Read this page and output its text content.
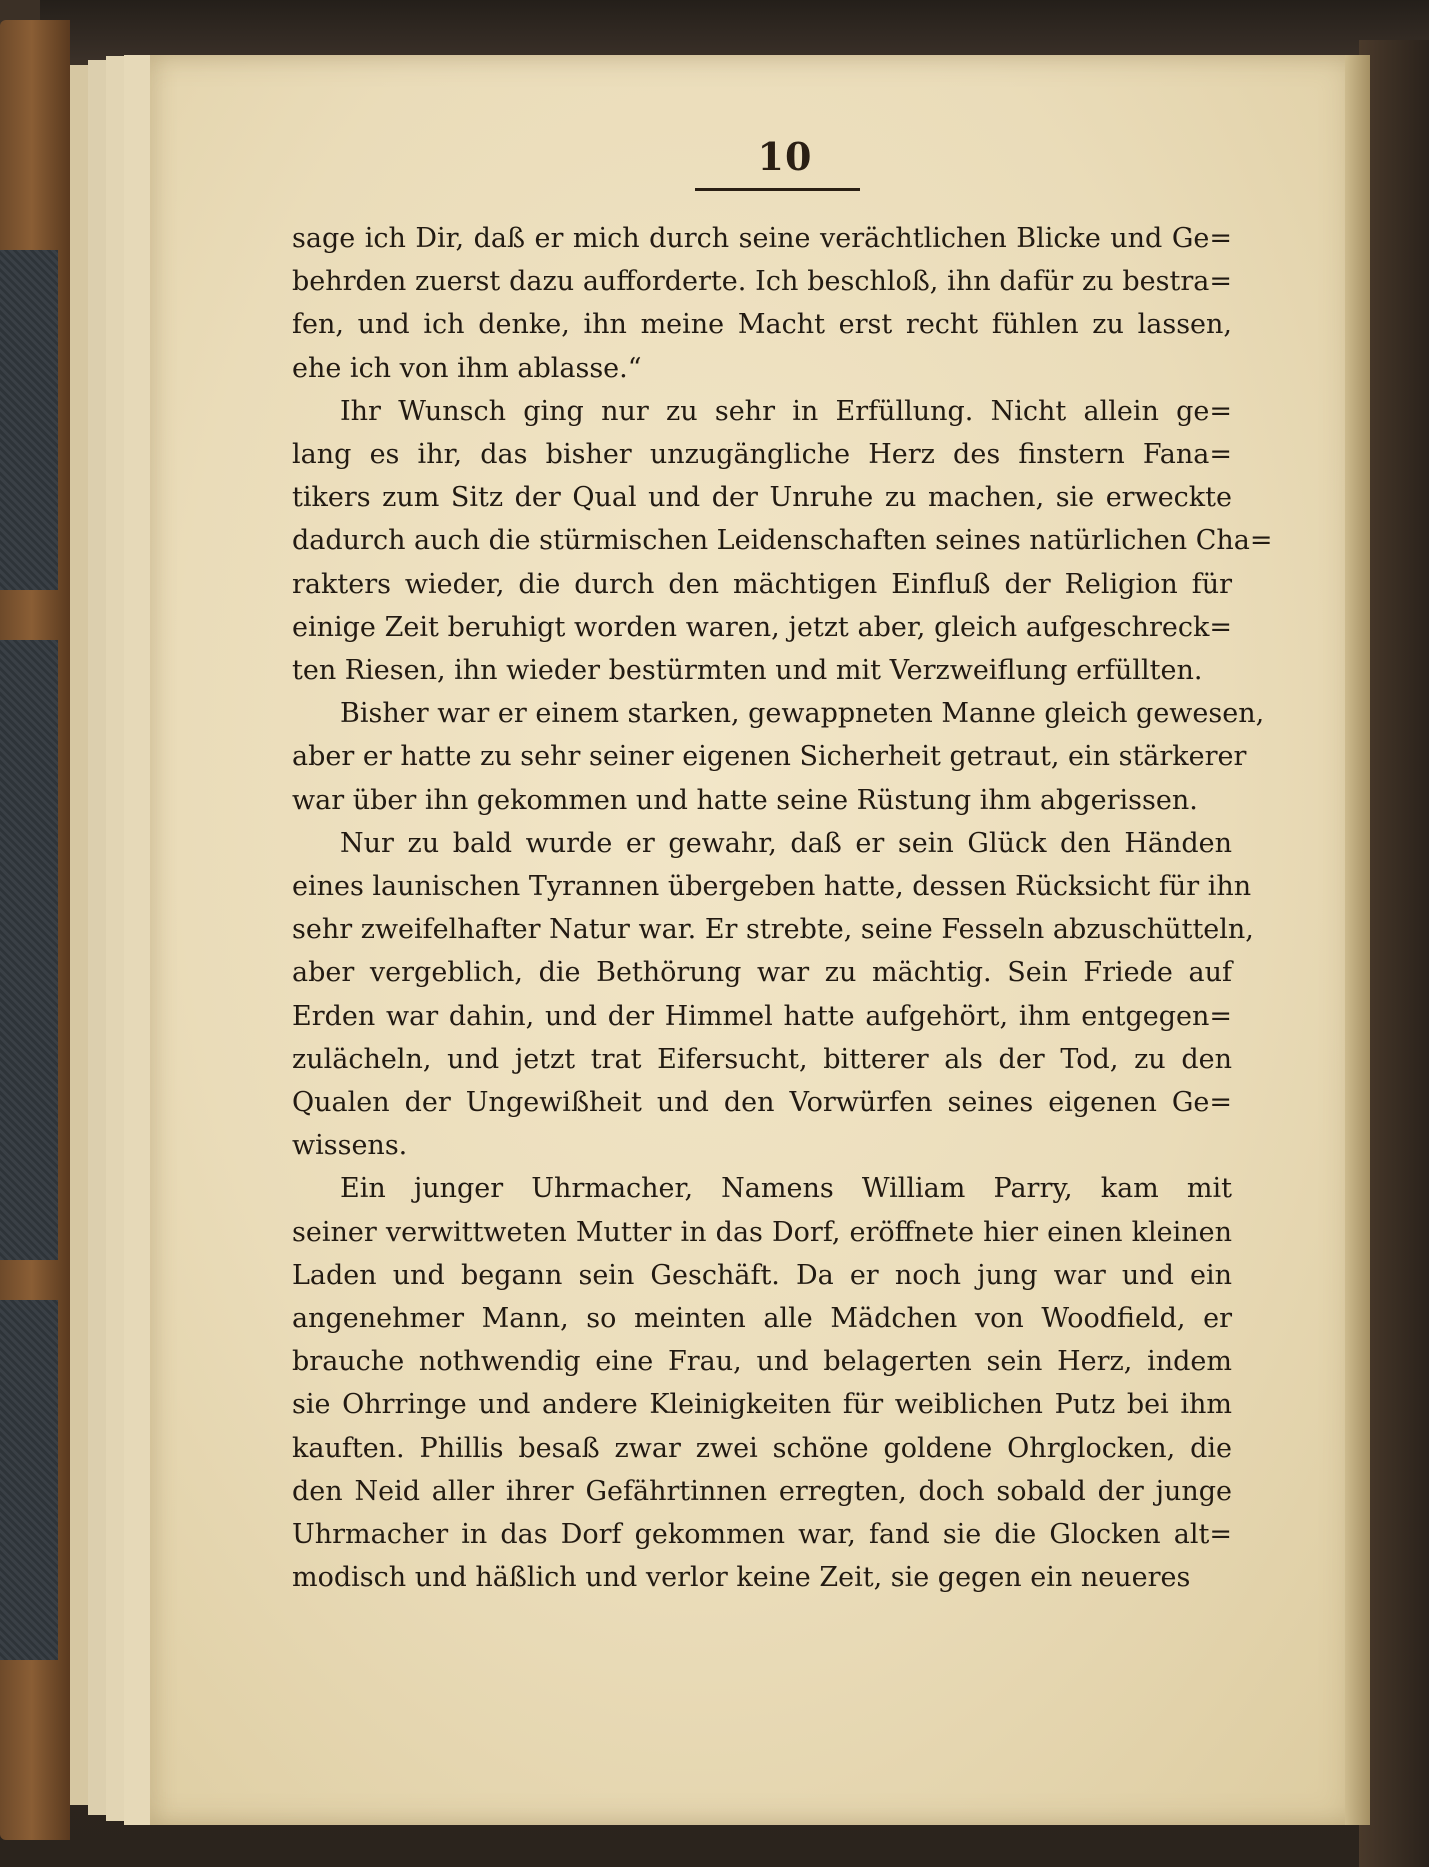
10

sage ich Dir, daß er mich durch seine verächtlichen Blicke und Ge=
behrden zuerst dazu aufforderte. Ich beschloß, ihn dafür zu bestra=
fen, und ich denke, ihn meine Macht erst recht fühlen zu lassen,
ehe ich von ihm ablasse.“

Ihr Wunsch ging nur zu sehr in Erfüllung. Nicht allein ge=
lang es ihr, das bisher unzugängliche Herz des finstern Fana=
tikers zum Sitz der Qual und der Unruhe zu machen, sie erweckte
dadurch auch die stürmischen Leidenschaften seines natürlichen Cha=
rakters wieder, die durch den mächtigen Einfluß der Religion für
einige Zeit beruhigt worden waren, jetzt aber, gleich aufgeschreck=
ten Riesen, ihn wieder bestürmten und mit Verzweiflung erfüllten.

Bisher war er einem starken, gewappneten Manne gleich gewesen,
aber er hatte zu sehr seiner eigenen Sicherheit getraut, ein stärkerer
war über ihn gekommen und hatte seine Rüstung ihm abgerissen.

Nur zu bald wurde er gewahr, daß er sein Glück den Händen
eines launischen Tyrannen übergeben hatte, dessen Rücksicht für ihn
sehr zweifelhafter Natur war. Er strebte, seine Fesseln abzuschütteln,
aber vergeblich, die Bethörung war zu mächtig. Sein Friede auf
Erden war dahin, und der Himmel hatte aufgehört, ihm entgegen=
zulächeln, und jetzt trat Eifersucht, bitterer als der Tod, zu den
Qualen der Ungewißheit und den Vorwürfen seines eigenen Ge=
wissens.

Ein junger Uhrmacher, Namens William Parry, kam mit
seiner verwittweten Mutter in das Dorf, eröffnete hier einen kleinen
Laden und begann sein Geschäft. Da er noch jung war und ein
angenehmer Mann, so meinten alle Mädchen von Woodfield, er
brauche nothwendig eine Frau, und belagerten sein Herz, indem
sie Ohrringe und andere Kleinigkeiten für weiblichen Putz bei ihm
kauften. Phillis besaß zwar zwei schöne goldene Ohrglocken, die
den Neid aller ihrer Gefährtinnen erregten, doch sobald der junge
Uhrmacher in das Dorf gekommen war, fand sie die Glocken alt=
modisch und häßlich und verlor keine Zeit, sie gegen ein neueres
